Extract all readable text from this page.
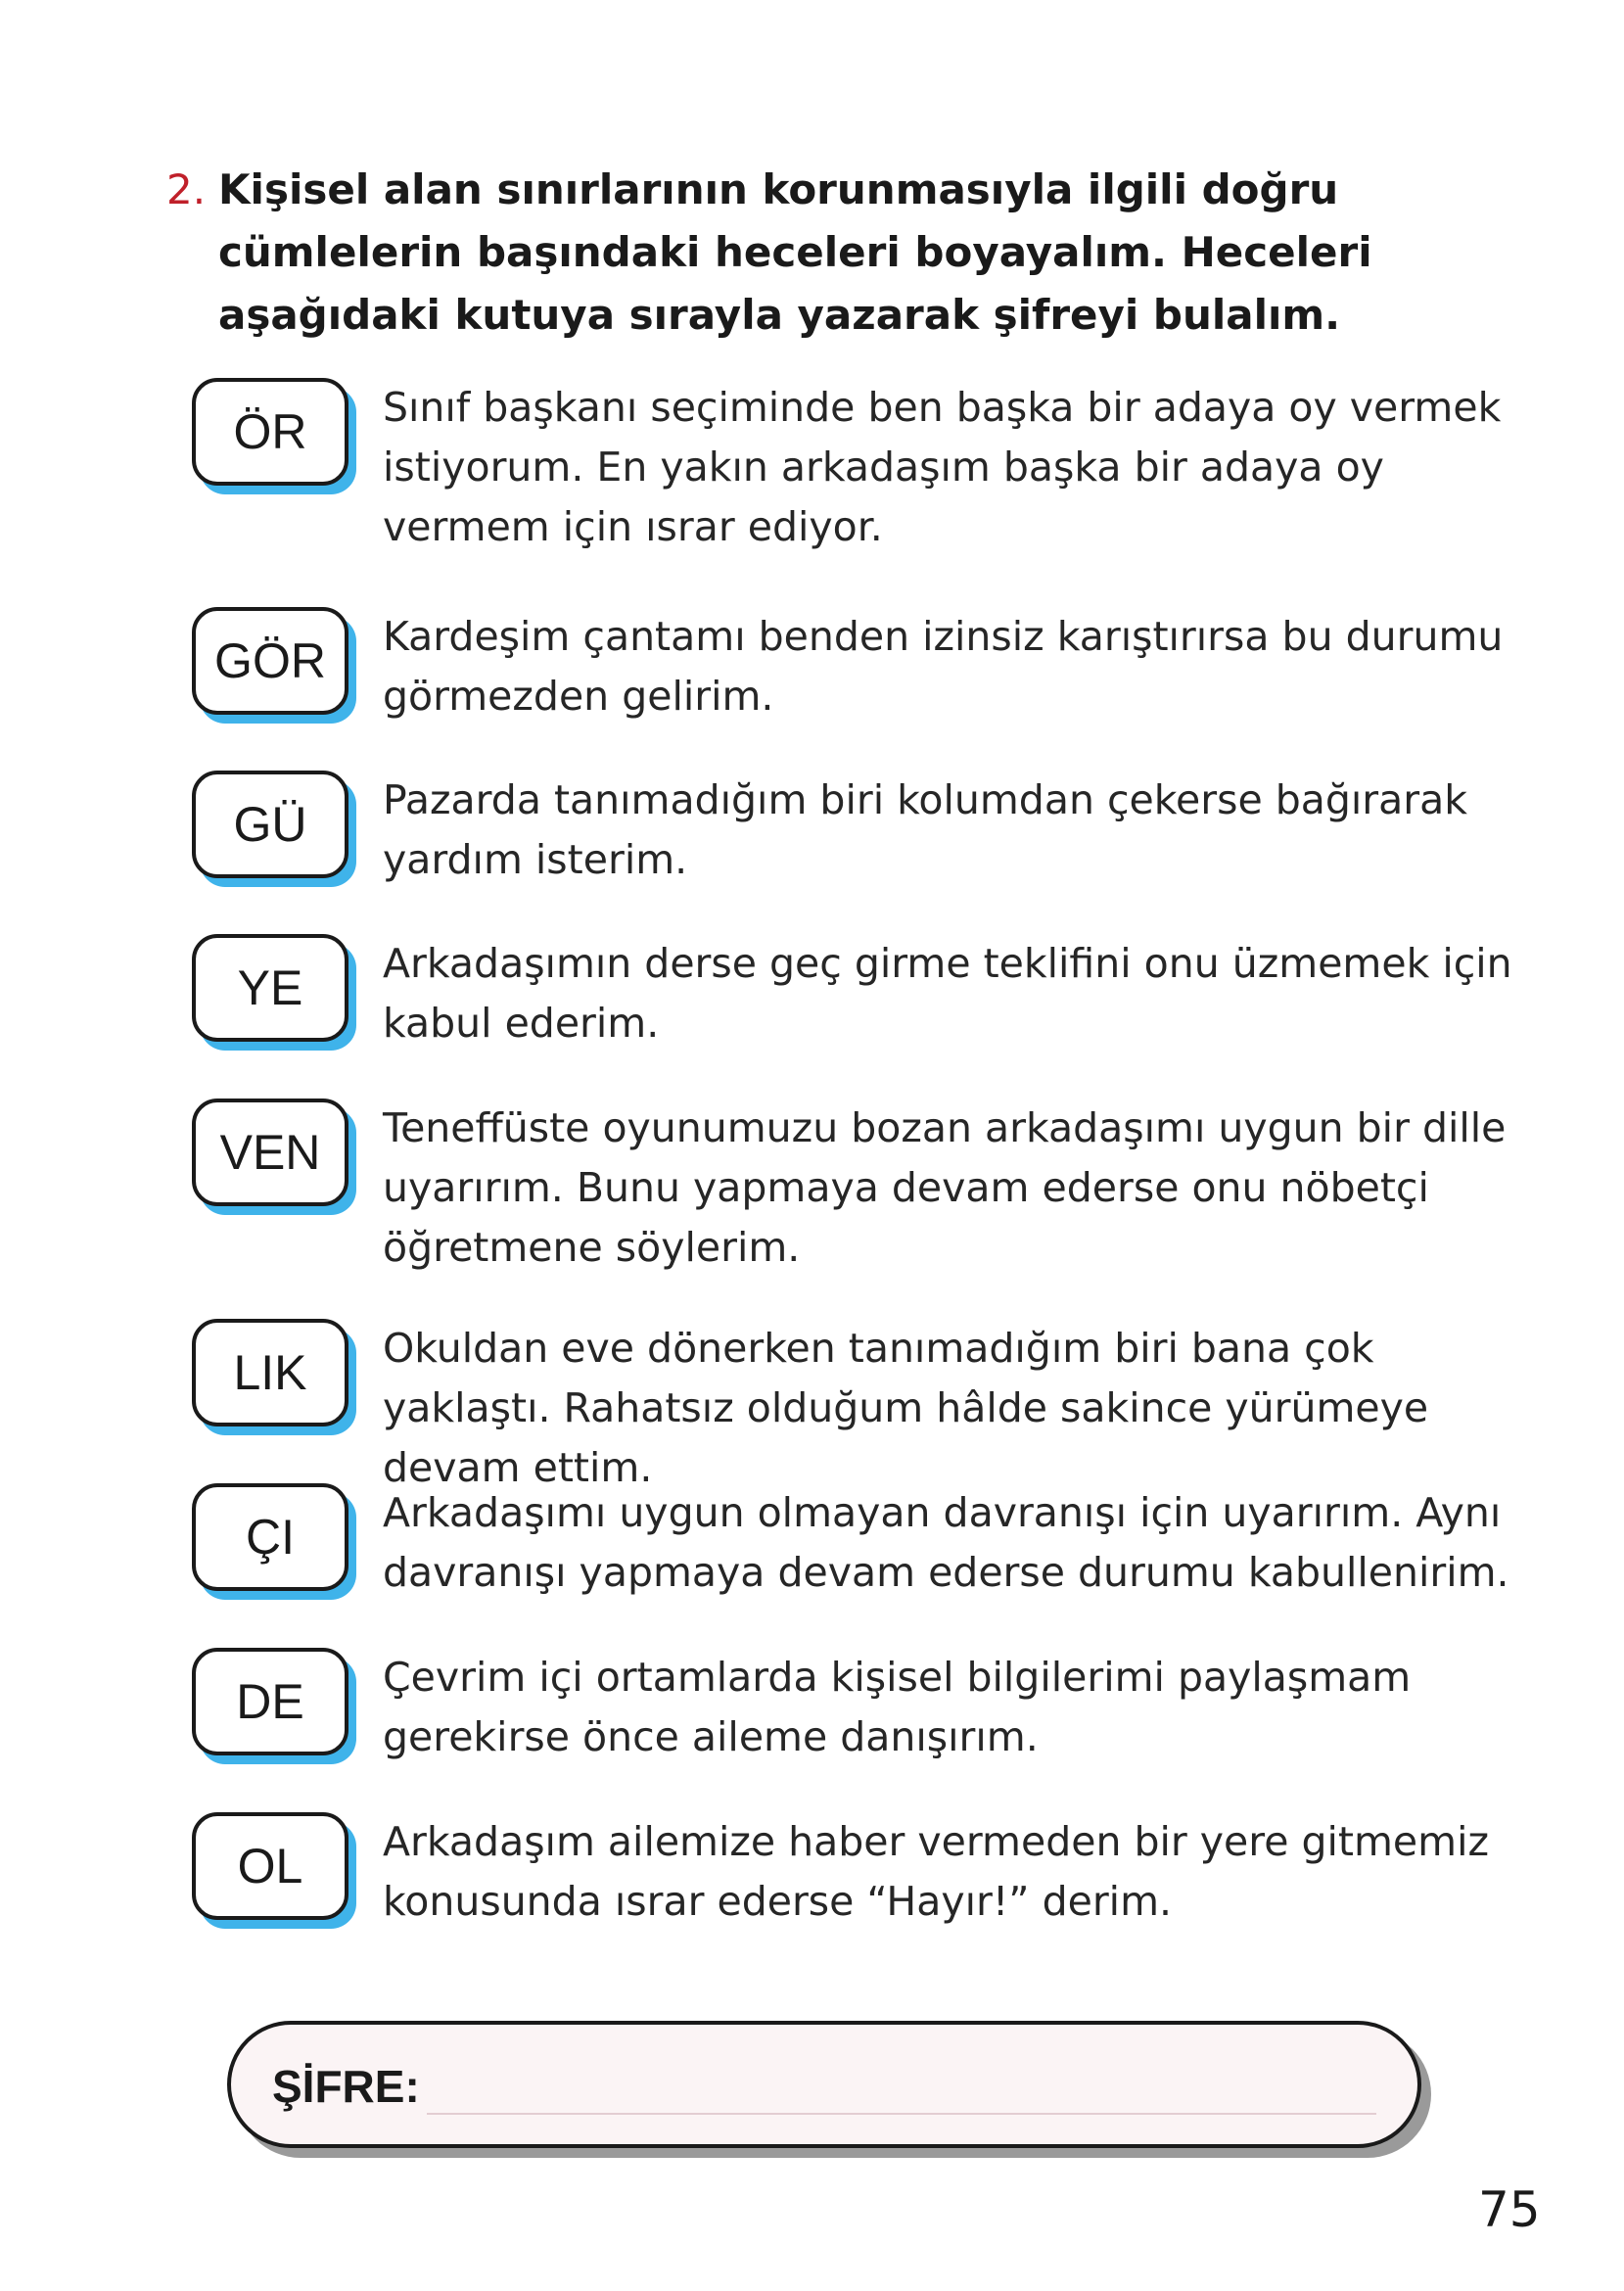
2. Kişisel alan sınırlarının korunmasıyla ilgili doğru cümlelerin başındaki heceleri boyayalım. Heceleri aşağıdaki kutuya sırayla yazarak şifreyi bulalım.
ÖR	Sınıf başkanı seçiminde ben başka bir adaya oy vermek istiyorum. En yakın arkadaşım başka bir adaya oy vermem için ısrar ediyor.
GÖR	Kardeşim çantamı benden izinsiz karıştırırsa bu durumu görmezden gelirim.
GÜ	Pazarda tanımadığım biri kolumdan çekerse bağırarak yardım isterim.
YE	Arkadaşımın derse geç girme teklifini onu üzmemek için kabul ederim.
VEN	Teneffüste oyunumuzu bozan arkadaşımı uygun bir dille uyarırım. Bunu yapmaya devam ederse onu nöbetçi öğretmene söylerim.
LIK	Okuldan eve dönerken tanımadığım biri bana çok yaklaştı. Rahatsız olduğum hâlde sakince yürümeye devam ettim.
ÇI	Arkadaşımı uygun olmayan davranışı için uyarırım. Aynı davranışı yapmaya devam ederse durumu kabullenirim.
DE	Çevrim içi ortamlarda kişisel bilgilerimi paylaşmam gerekirse önce aileme danışırım.
OL	Arkadaşım ailemize haber vermeden bir yere gitmemiz konusunda ısrar ederse “Hayır!” derim.
ŞİFRE:
75
